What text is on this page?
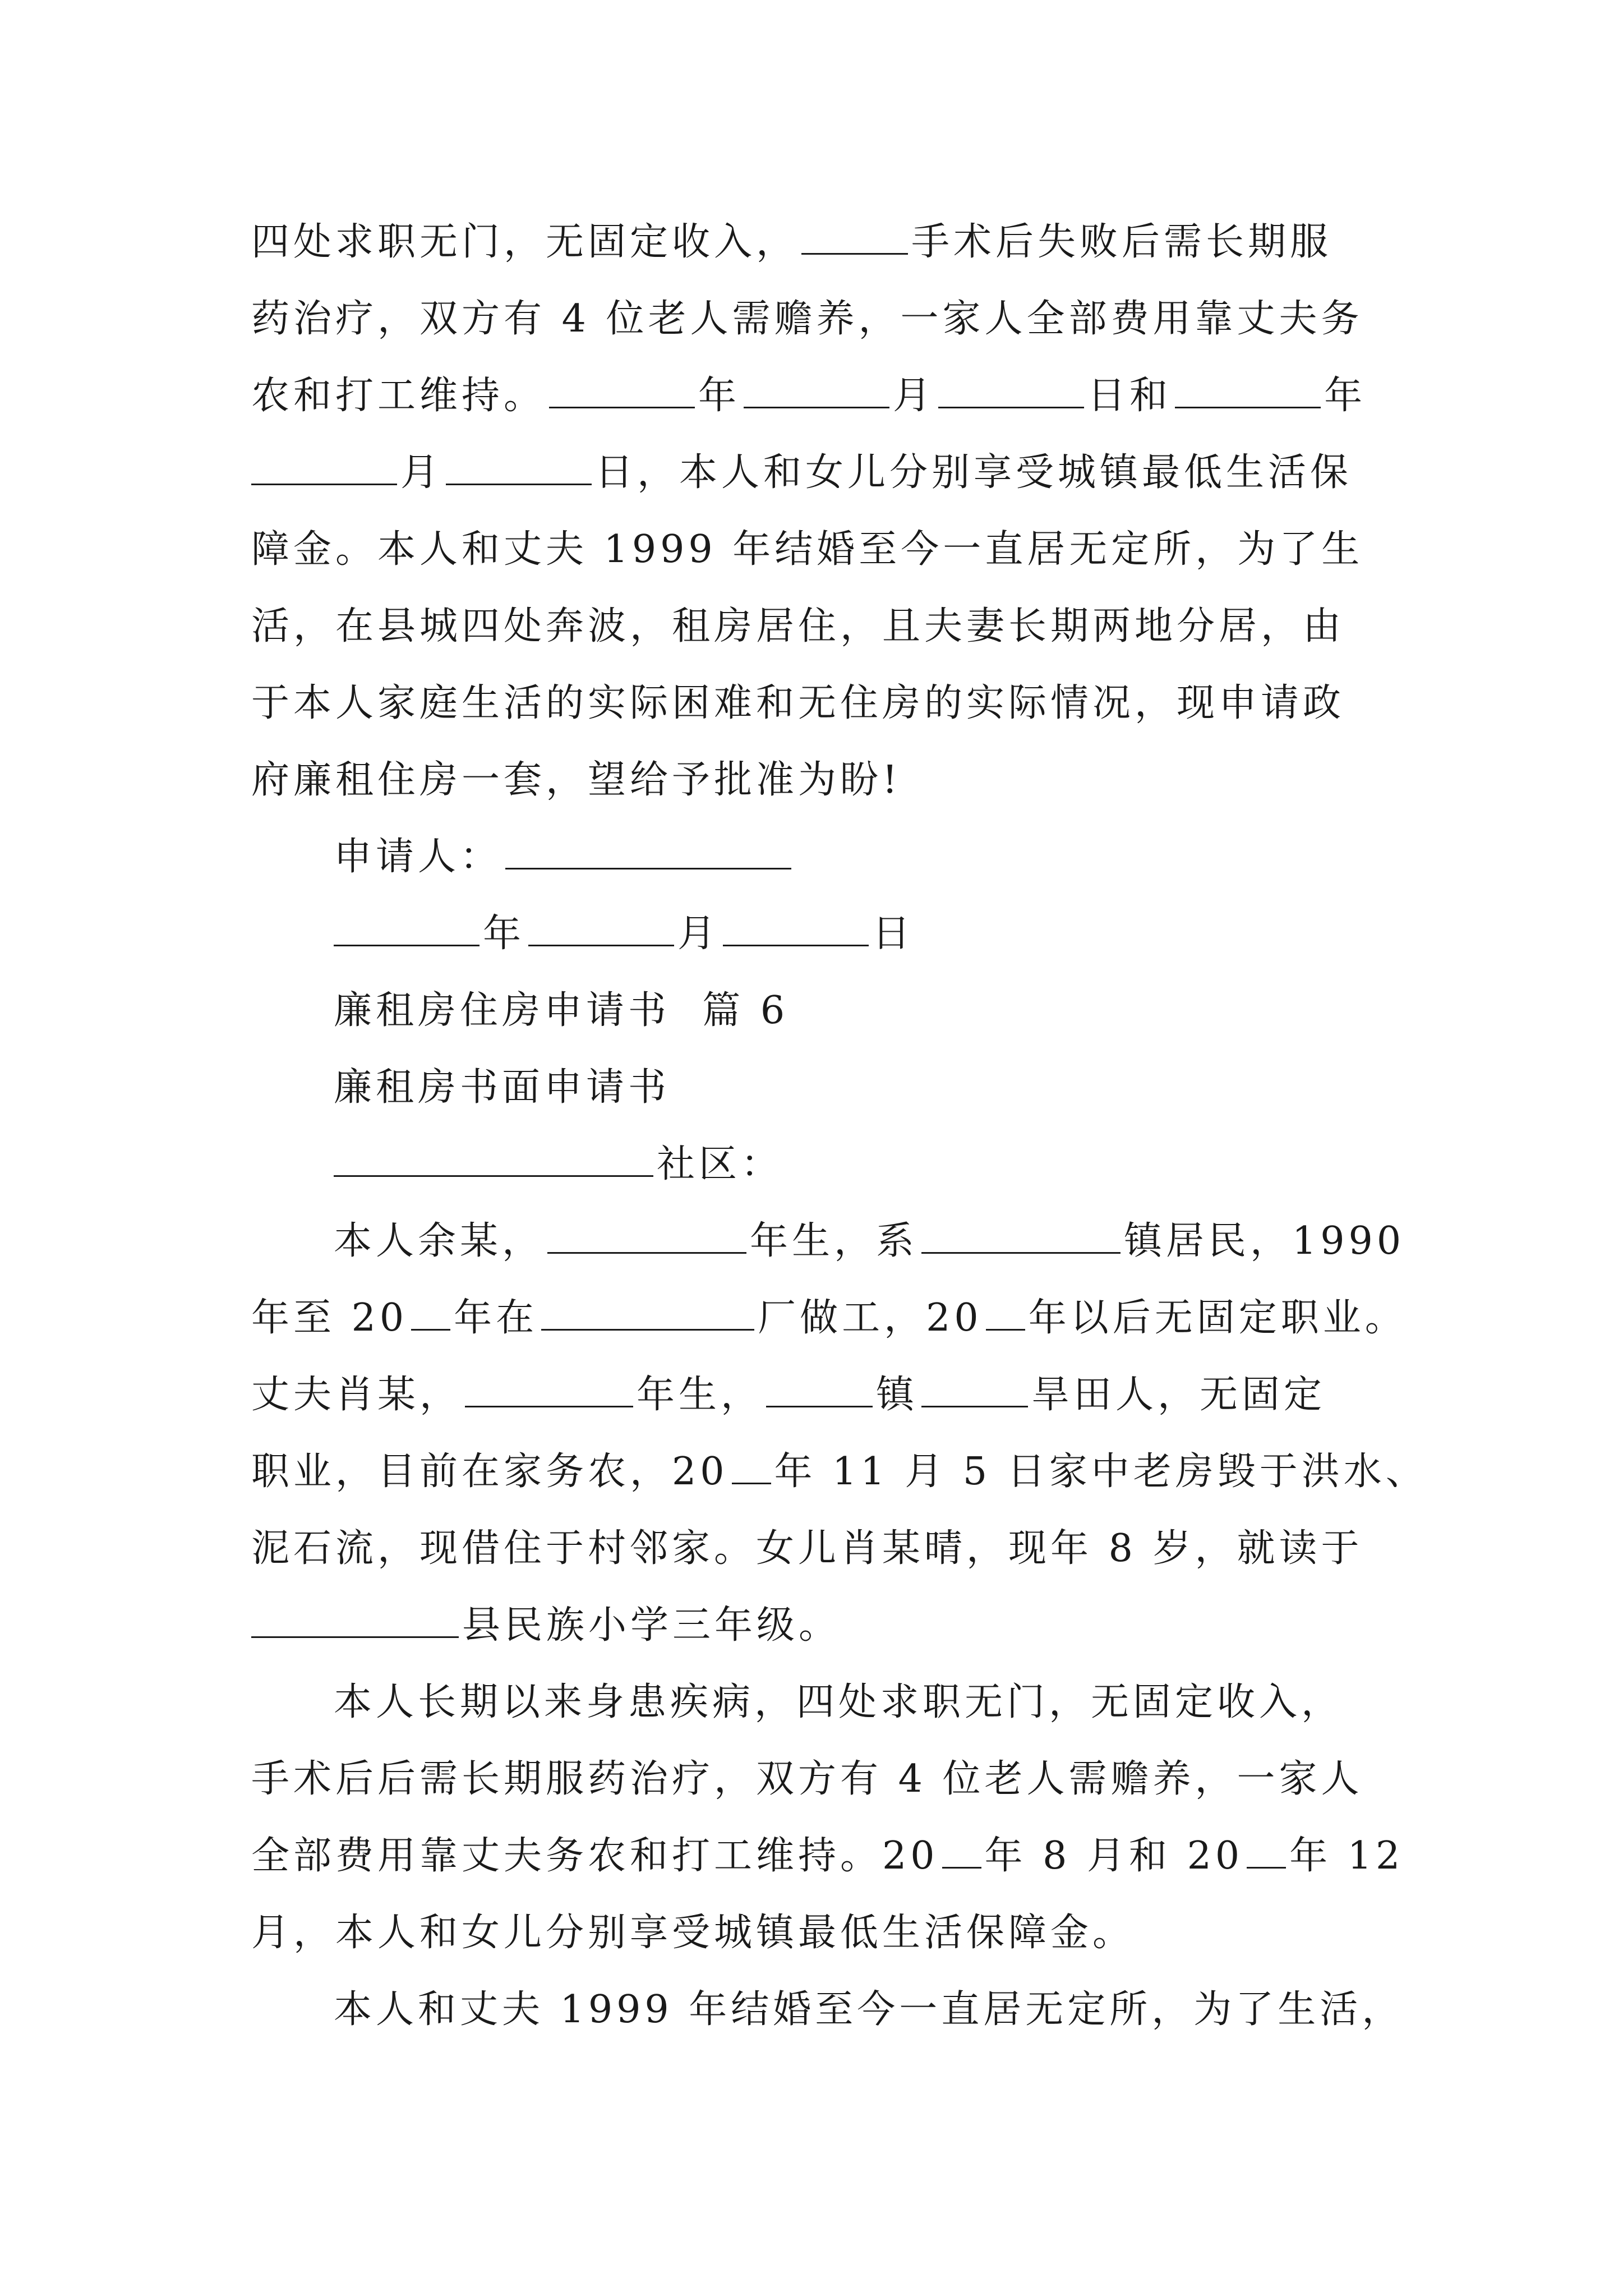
四处求职无门，无固定收入，	手术后失败后需长期服
药治疗，双方有 4 位老人需赡养，一家人全部费用靠丈夫务
农和打工维持。	年	月	日和	年
月	日，本人和女儿分别享受城镇最低生活保
障金。本人和丈夫 1999 年结婚至今一直居无定所，为了生
活，在县城四处奔波，租房居住，且夫妻长期两地分居，由
于本人家庭生活的实际困难和无住房的实际情况，现申请政
府廉租住房一套，望给予批准为盼!
申请人：
年	月	日
廉租房住房申请书  篇 6
廉租房书面申请书
社区：
本人余某，	年生，系	镇居民，1990
年至 20 年在	厂做工，20 年以后无固定职业。
丈夫肖某，	年生，	镇	旱田人，无固定
职业，目前在家务农，20 年 11 月 5 日家中老房毁于洪水、
泥石流，现借住于村邻家。女儿肖某晴，现年 8 岁，就读于
县民族小学三年级。
本人长期以来身患疾病，四处求职无门，无固定收入，
手术后后需长期服药治疗，双方有 4 位老人需赡养，一家人
全部费用靠丈夫务农和打工维持。20 年 8 月和 20 年 12
月，本人和女儿分别享受城镇最低生活保障金。
本人和丈夫 1999 年结婚至今一直居无定所，为了生活，
